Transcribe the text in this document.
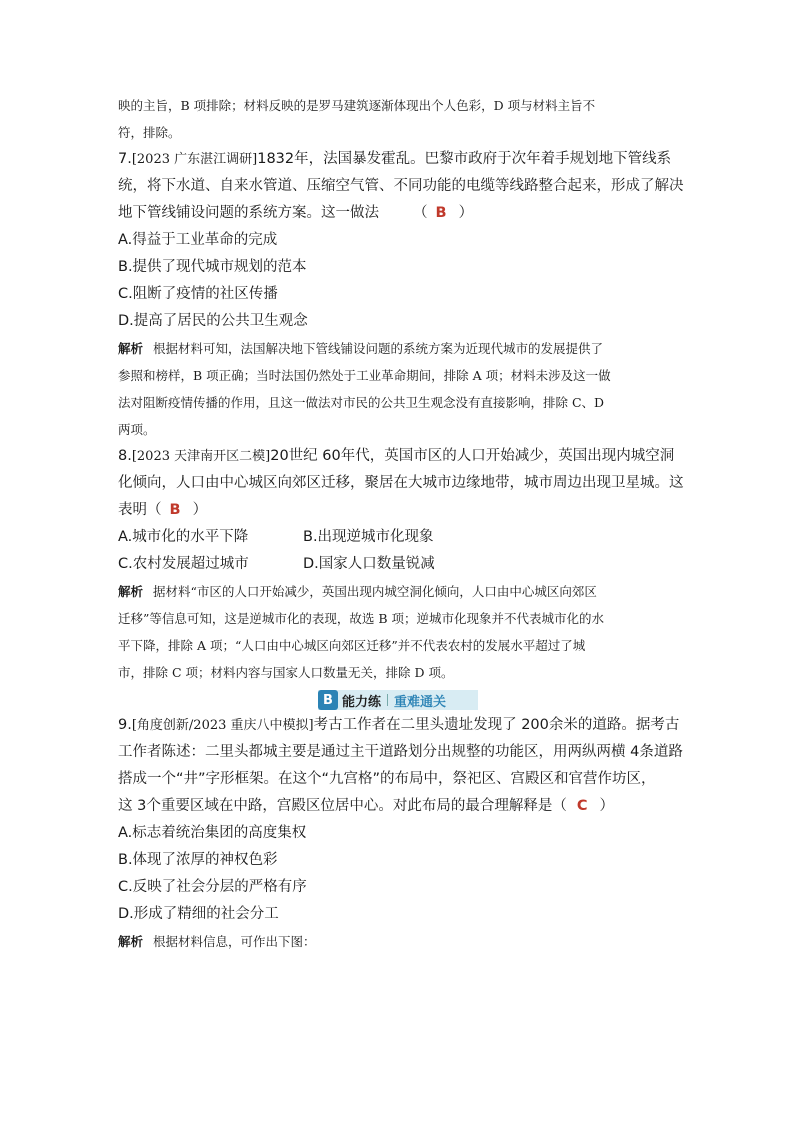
映的主旨，B 项排除；材料反映的是罗马建筑逐渐体现出个人色彩，D 项与材料主旨不
符，排除。
7.[2023 广东湛江调研]1832年，法国暴发霍乱。巴黎市政府于次年着手规划地下管线系
统，将下水道、自来水管道、压缩空气管、不同功能的电缆等线路整合起来，形成了解决
地下管线铺设问题的系统方案。这一做法 （ B ）
A.得益于工业革命的完成
B.提供了现代城市规划的范本
C.阻断了疫情的社区传播
D.提高了居民的公共卫生观念
解析 根据材料可知，法国解决地下管线铺设问题的系统方案为近现代城市的发展提供了
参照和榜样，B 项正确；当时法国仍然处于工业革命期间，排除 A 项；材料未涉及这一做
法对阻断疫情传播的作用，且这一做法对市民的公共卫生观念没有直接影响，排除 C、D
两项。
8.[2023 天津南开区二模]20世纪 60年代，英国市区的人口开始减少，英国出现内城空洞
化倾向，人口由中心城区向郊区迁移，聚居在大城市边缘地带，城市周边出现卫星城。这
表明（ B ）
A.城市化的水平下降	B.出现逆城市化现象
C.农村发展超过城市	D.国家人口数量锐减
解析 据材料“市区的人口开始减少，英国出现内城空洞化倾向，人口由中心城区向郊区
迁移”等信息可知，这是逆城市化的表现，故选 B 项；逆城市化现象并不代表城市化的水
平下降，排除 A 项；“人口由中心城区向郊区迁移”并不代表农村的发展水平超过了城
市，排除 C 项；材料内容与国家人口数量无关，排除 D 项。
B 能力练 重难通关
9.[角度创新/2023 重庆八中模拟]考古工作者在二里头遗址发现了 200余米的道路。据考古
工作者陈述：二里头都城主要是通过主干道路划分出规整的功能区，用两纵两横 4条道路
搭成一个“井”字形框架。在这个“九宫格”的布局中，祭祀区、宫殿区和官营作坊区，
这 3个重要区域在中路，宫殿区位居中心。对此布局的最合理解释是（ C ）
A.标志着统治集团的高度集权
B.体现了浓厚的神权色彩
C.反映了社会分层的严格有序
D.形成了精细的社会分工
解析 根据材料信息，可作出下图：
